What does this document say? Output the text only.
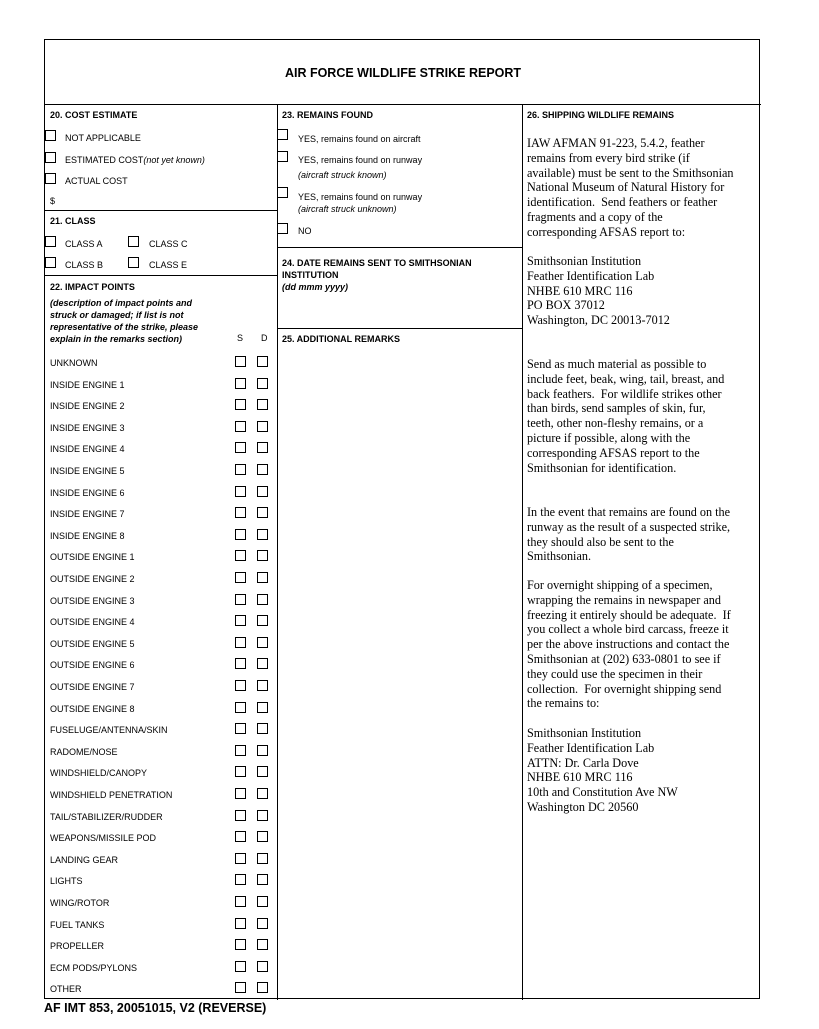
AIR FORCE WILDLIFE STRIKE REPORT
20. COST ESTIMATE
NOT APPLICABLE
ESTIMATED COST(not yet known)
ACTUAL COST
$
21. CLASS
CLASS A	CLASS C
CLASS B	CLASS E
22. IMPACT POINTS
(description of impact points and
struck or damaged; if list is not
representative of the strike, please
explain in the remarks section)	S D
UNKNOWN
INSIDE ENGINE 1
INSIDE ENGINE 2
INSIDE ENGINE 3
INSIDE ENGINE 4
INSIDE ENGINE 5
INSIDE ENGINE 6
INSIDE ENGINE 7
INSIDE ENGINE 8
OUTSIDE ENGINE 1
OUTSIDE ENGINE 2
OUTSIDE ENGINE 3
OUTSIDE ENGINE 4
OUTSIDE ENGINE 5
OUTSIDE ENGINE 6
OUTSIDE ENGINE 7
OUTSIDE ENGINE 8
FUSELUGE/ANTENNA/SKIN
RADOME/NOSE
WINDSHIELD/CANOPY
WINDSHIELD PENETRATION
TAIL/STABILIZER/RUDDER
WEAPONS/MISSILE POD
LANDING GEAR
LIGHTS
WING/ROTOR
FUEL TANKS
PROPELLER
ECM PODS/PYLONS
OTHER
23. REMAINS FOUND
YES, remains found on aircraft
YES, remains found on runway
(aircraft struck known)
YES, remains found on runway
(aircraft struck unknown)
NO
24. DATE REMAINS SENT TO SMITHSONIAN
INSTITUTION
(dd mmm yyyy)
25. ADDITIONAL REMARKS
26. SHIPPING WILDLIFE REMAINS
IAW AFMAN 91-223, 5.4.2, feather
remains from every bird strike (if
available) must be sent to the Smithsonian
National Museum of Natural History for
identification.  Send feathers or feather
fragments and a copy of the
corresponding AFSAS report to:
Smithsonian Institution
Feather Identification Lab
NHBE 610 MRC 116
PO BOX 37012
Washington, DC 20013-7012
Send as much material as possible to
include feet, beak, wing, tail, breast, and
back feathers.  For wildlife strikes other
than birds, send samples of skin, fur,
teeth, other non-fleshy remains, or a
picture if possible, along with the
corresponding AFSAS report to the
Smithsonian for identification.
In the event that remains are found on the
runway as the result of a suspected strike,
they should also be sent to the
Smithsonian.
For overnight shipping of a specimen,
wrapping the remains in newspaper and
freezing it entirely should be adequate.  If
you collect a whole bird carcass, freeze it
per the above instructions and contact the
Smithsonian at (202) 633-0801 to see if
they could use the specimen in their
collection.  For overnight shipping send
the remains to:
Smithsonian Institution
Feather Identification Lab
ATTN: Dr. Carla Dove
NHBE 610 MRC 116
10th and Constitution Ave NW
Washington DC 20560
AF IMT 853, 20051015, V2 (REVERSE)
